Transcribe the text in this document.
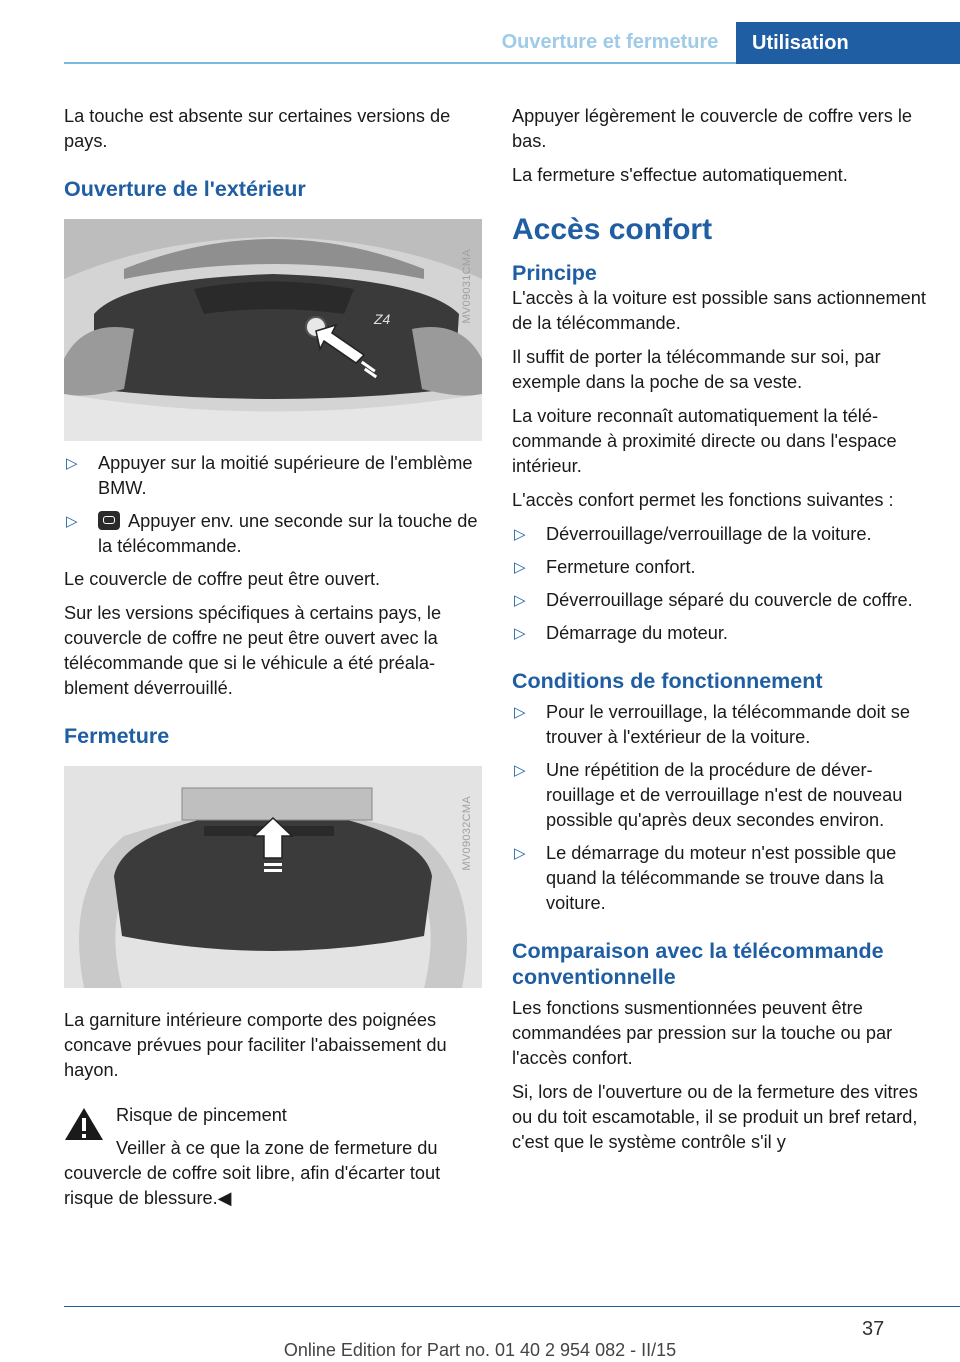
Ouverture et fermeture	Utilisation

La touche est absente sur certaines versions de pays.

Ouverture de l'extérieur
Z4	MV09031CMA
▷ Appuyer sur la moitié supérieure de l'emblème BMW.
▷	Appuyer env. une seconde sur la touche de la télécommande.

Le couvercle de coffre peut être ouvert.

Sur les versions spécifiques à certains pays, le couvercle de coffre ne peut être ouvert avec la télécommande que si le véhicule a été préalablement déverrouillé.

Fermeture
MV09032CMA

La garniture intérieure comporte des poignées concave prévues pour faciliter l'abaissement du hayon.

Risque de pincement

Veiller à ce que la zone de fermeture du
couvercle de coffre soit libre, afin d'écarter tout risque de blessure.◀

Appuyer légèrement le couvercle de coffre vers le bas.

La fermeture s'effectue automatiquement.

Accès confort
Principe

L'accès à la voiture est possible sans actionnement de la télécommande.

Il suffit de porter la télécommande sur soi, par exemple dans la poche de sa veste.

La voiture reconnaît automatiquement la télécommande à proximité directe ou dans l'espace intérieur.

L'accès confort permet les fonctions suivantes :

▷ Déverrouillage/verrouillage de la voiture.
▷ Fermeture confort.
▷ Déverrouillage séparé du couvercle de coffre.
▷ Démarrage du moteur.
Conditions de fonctionnement
▷ Pour le verrouillage, la télécommande doit se trouver à l'extérieur de la voiture.
▷ Une répétition de la procédure de déverrouillage et de verrouillage n'est de nouveau possible qu'après deux secondes environ.
▷ Le démarrage du moteur n'est possible que quand la télécommande se trouve dans la voiture.
Comparaison avec la télécommande conventionnelle

Les fonctions susmentionnées peuvent être commandées par pression sur la touche ou par l'accès confort.

Si, lors de l'ouverture ou de la fermeture des vitres ou du toit escamotable, il se produit un bref retard, c'est que le système contrôle s'il y

37
Online Edition for Part no. 01 40 2 954 082 - II/15
